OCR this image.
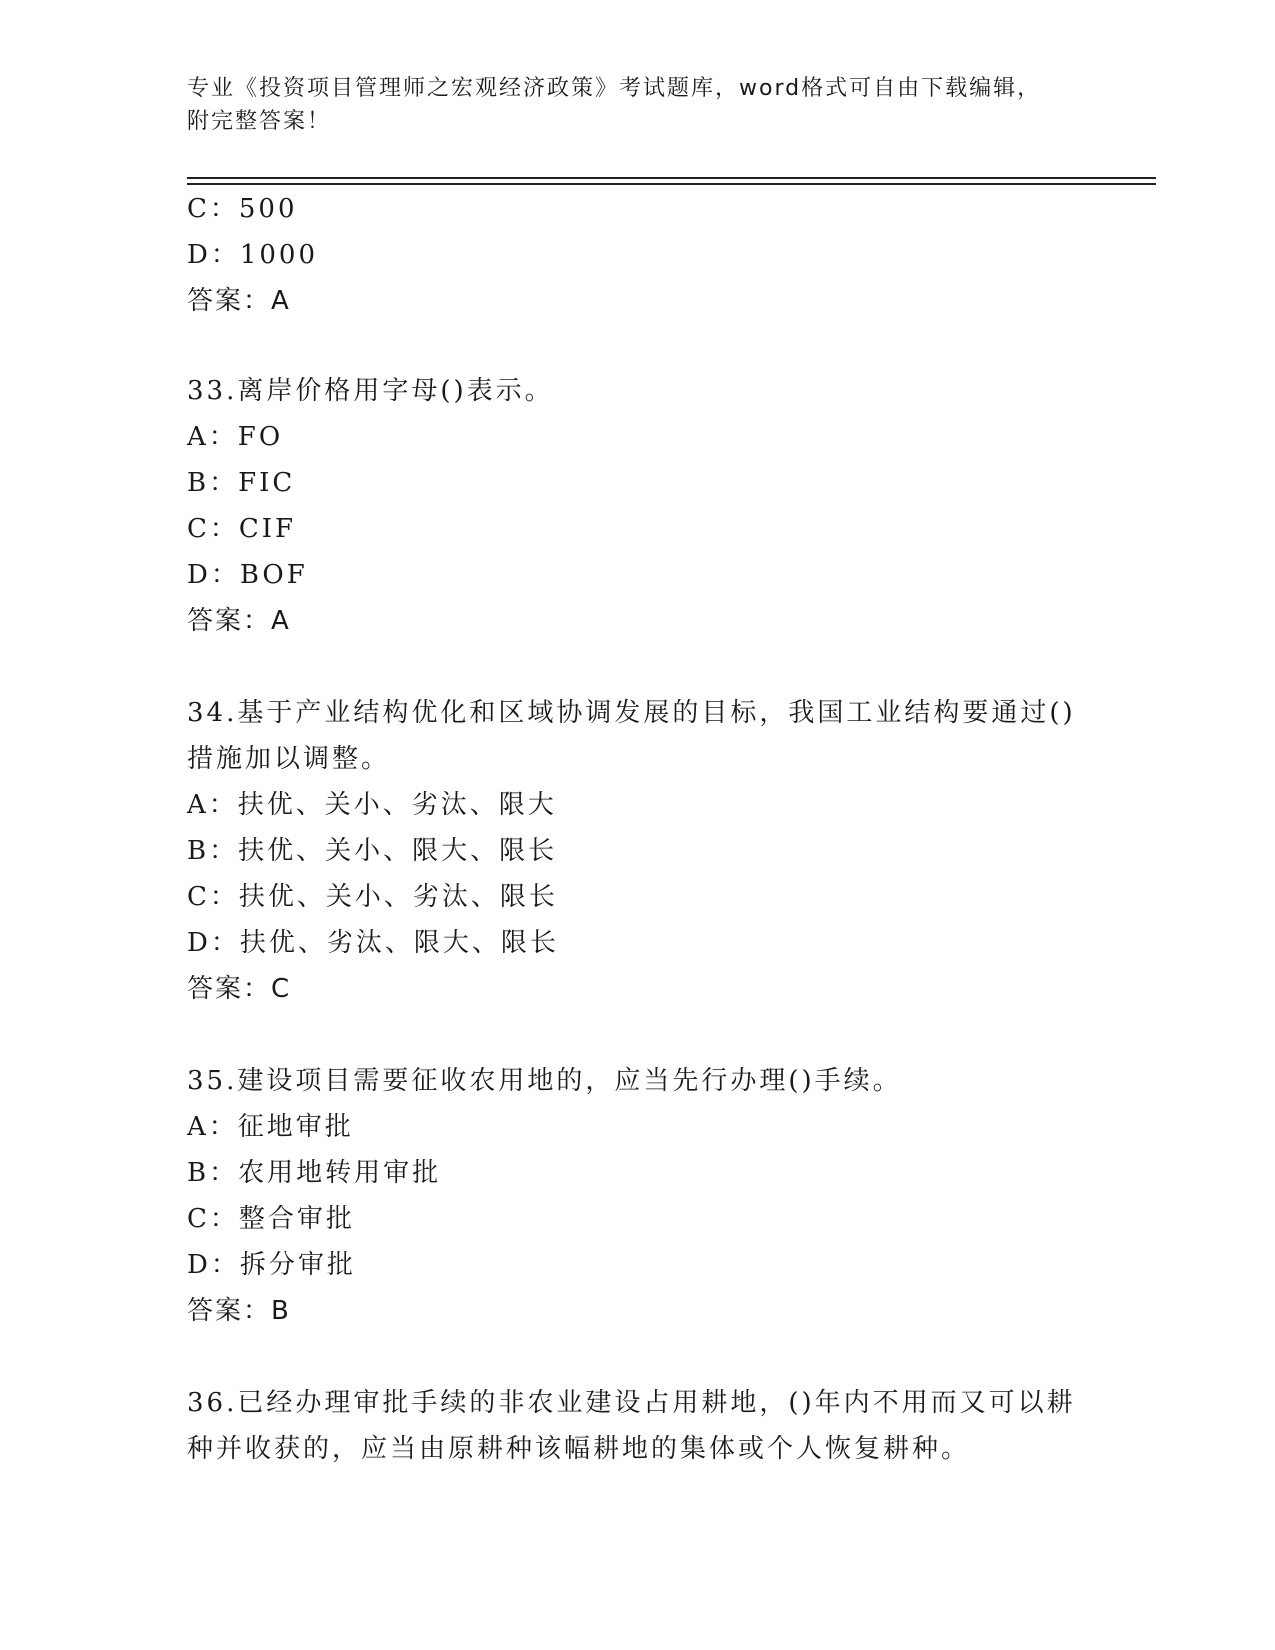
专业《投资项目管理师之宏观经济政策》考试题库，word格式可自由下载编辑，
附完整答案！
C：500
D：1000
答案：A
33.离岸价格用字母()表示。
A：FO
B：FIC
C：CIF
D：BOF
答案：A
34.基于产业结构优化和区域协调发展的目标，我国工业结构要通过()
措施加以调整。
A：扶优、关小、劣汰、限大
B：扶优、关小、限大、限长
C：扶优、关小、劣汰、限长
D：扶优、劣汰、限大、限长
答案：C
35.建设项目需要征收农用地的，应当先行办理()手续。
A：征地审批
B：农用地转用审批
C：整合审批
D：拆分审批
答案：B
36.已经办理审批手续的非农业建设占用耕地，()年内不用而又可以耕
种并收获的，应当由原耕种该幅耕地的集体或个人恢复耕种。
